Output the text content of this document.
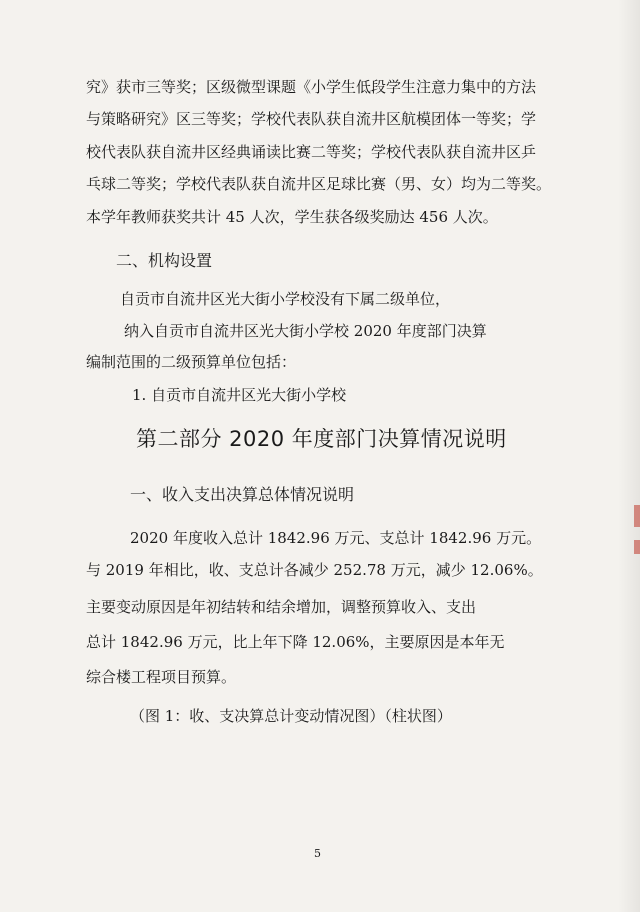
究》获市三等奖；区级微型课题《小学生低段学生注意力集中的方法
与策略研究》区三等奖；学校代表队获自流井区航模团体一等奖；学
校代表队获自流井区经典诵读比赛二等奖；学校代表队获自流井区乒
乓球二等奖；学校代表队获自流井区足球比赛（男、女）均为二等奖。
本学年教师获奖共计 45 人次，学生获各级奖励达 456 人次。
二、机构设置
自贡市自流井区光大街小学校没有下属二级单位，
纳入自贡市自流井区光大街小学校 2020 年度部门决算
编制范围的二级预算单位包括：
1. 自贡市自流井区光大街小学校
第二部分 2020 年度部门决算情况说明
一、收入支出决算总体情况说明
2020 年度收入总计 1842.96 万元、支总计 1842.96 万元。
与 2019 年相比，收、支总计各减少 252.78 万元，减少 12.06%。
主要变动原因是年初结转和结余增加，调整预算收入、支出
总计 1842.96 万元，比上年下降 12.06%，主要原因是本年无
综合楼工程项目预算。
（图 1：收、支决算总计变动情况图）（柱状图）
5
